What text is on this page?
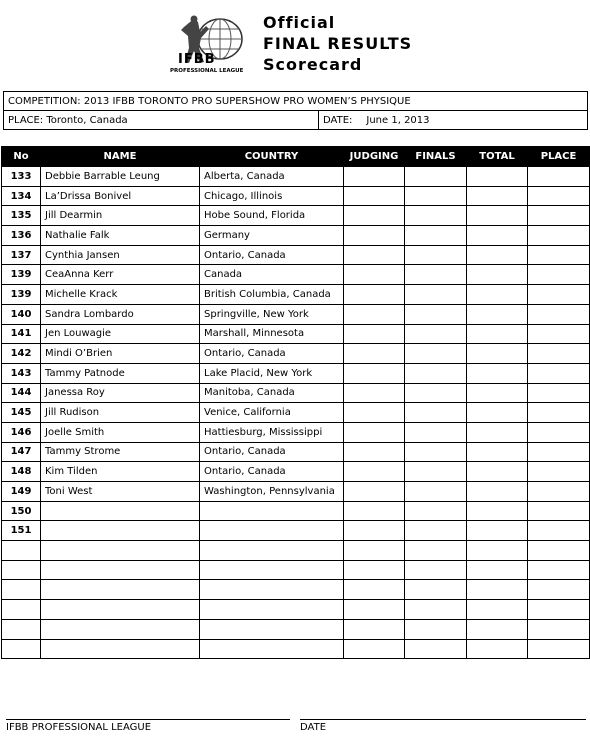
IFBB
PROFESSIONAL LEAGUE
Official
FINAL RESULTS
Scorecard
COMPETITION: 2013 IFBB TORONTO PRO SUPERSHOW PRO WOMEN’S PHYSIQUE
PLACE: Toronto, Canada	DATE: June 1, 2013
No	NAME	COUNTRY	JUDGING	FINALS	TOTAL	PLACE
133	Debbie Barrable Leung	Alberta, Canada				
134	La’Drissa Bonivel	Chicago, Illinois				
135	Jill Dearmin	Hobe Sound, Florida				
136	Nathalie Falk	Germany				
137	Cynthia Jansen	Ontario, Canada				
139	CeaAnna Kerr	Canada				
139	Michelle Krack	British Columbia, Canada				
140	Sandra Lombardo	Springville, New York				
141	Jen Louwagie	Marshall, Minnesota				
142	Mindi O’Brien	Ontario, Canada				
143	Tammy Patnode	Lake Placid, New York				
144	Janessa Roy	Manitoba, Canada				
145	Jill Rudison	Venice, California				
146	Joelle Smith	Hattiesburg, Mississippi				
147	Tammy Strome	Ontario, Canada				
148	Kim Tilden	Ontario, Canada				
149	Toni West	Washington, Pennsylvania				
150						
151						

IFBB PROFESSIONAL LEAGUE	DATE
